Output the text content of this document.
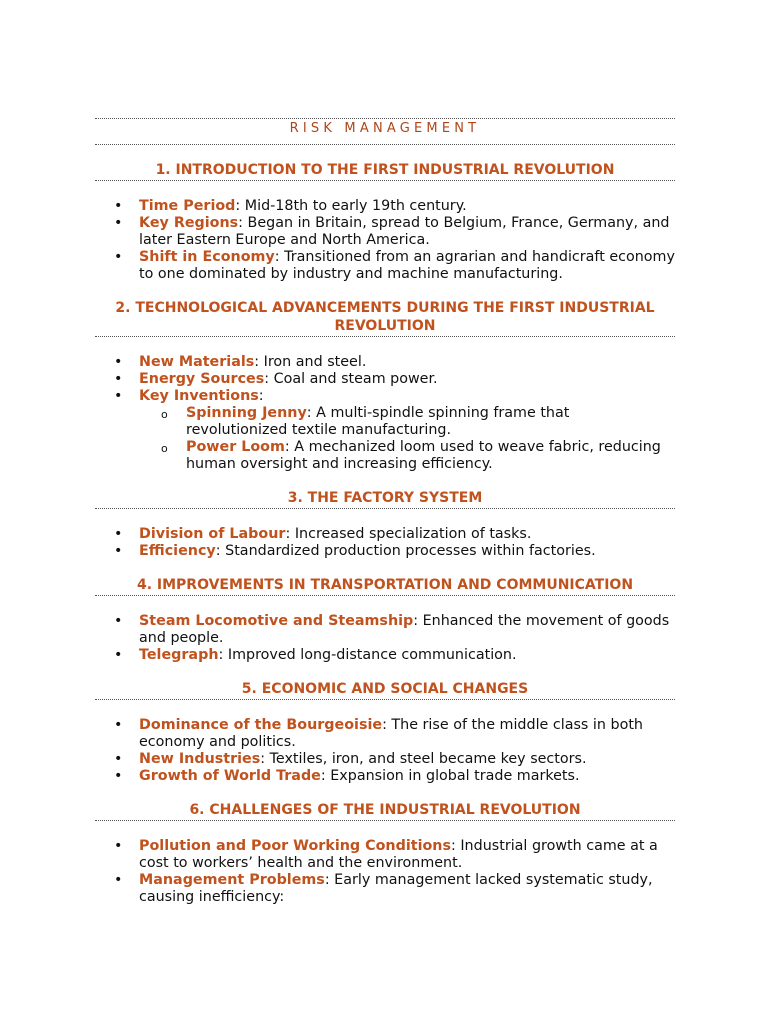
RISK MANAGEMENT
1. INTRODUCTION TO THE FIRST INDUSTRIAL REVOLUTION
• Time Period: Mid-18th to early 19th century.
• Key Regions: Began in Britain, spread to Belgium, France, Germany, and later Eastern Europe and North America.
• Shift in Economy: Transitioned from an agrarian and handicraft economy to one dominated by industry and machine manufacturing.
2. TECHNOLOGICAL ADVANCEMENTS DURING THE FIRST INDUSTRIAL REVOLUTION
• New Materials: Iron and steel.
• Energy Sources: Coal and steam power.
• Key Inventions:
o Spinning Jenny: A multi-spindle spinning frame that revolutionized textile manufacturing.
o Power Loom: A mechanized loom used to weave fabric, reducing human oversight and increasing efficiency.
3. THE FACTORY SYSTEM
• Division of Labour: Increased specialization of tasks.
• Efficiency: Standardized production processes within factories.
4. IMPROVEMENTS IN TRANSPORTATION AND COMMUNICATION
• Steam Locomotive and Steamship: Enhanced the movement of goods and people.
• Telegraph: Improved long-distance communication.
5. ECONOMIC AND SOCIAL CHANGES
• Dominance of the Bourgeoisie: The rise of the middle class in both economy and politics.
• New Industries: Textiles, iron, and steel became key sectors.
• Growth of World Trade: Expansion in global trade markets.
6. CHALLENGES OF THE INDUSTRIAL REVOLUTION
• Pollution and Poor Working Conditions: Industrial growth came at a cost to workers’ health and the environment.
• Management Problems: Early management lacked systematic study, causing inefficiency:
